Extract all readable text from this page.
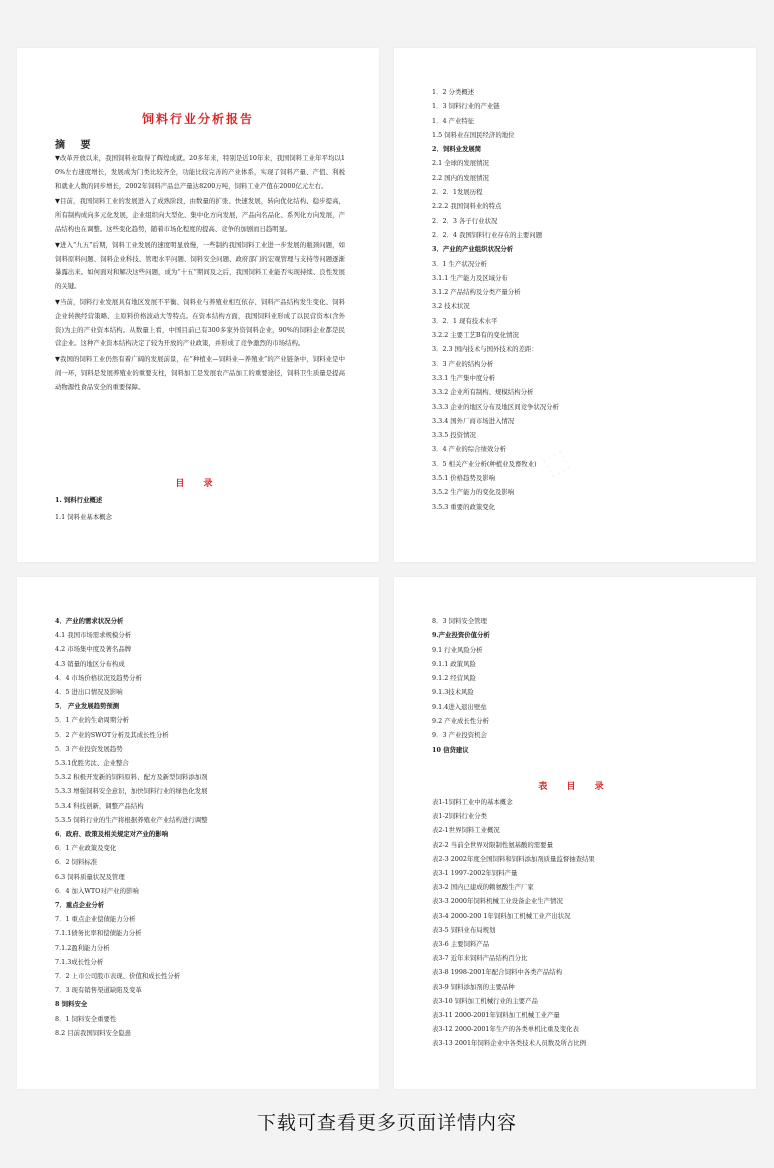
饲料行业分析报告
摘 要

▼改革开放以来，我国饲料业取得了辉煌成就。20多年来，特别是近10年来，我国饲料工业年平均以10%左右速度增长，发展成为门类比较齐全，功能比较完善的产业体系，实现了饲料产量、产值、利税和就业人数的同步增长，2002年饲料产品总产量达8200万吨，饲料工业产值在2000亿元左右。

▼目前，我国饲料工业的发展进入了成熟阶段，由数量的扩张、快速发展，转向优化结构、稳步提高，所有制构成向多元化发展，企业组织向大型化、集中化方向发展，产品向名品化、系列化方向发展，产品结构也在调整。这些变化趋势，随着市场化程度的提高、竞争的加剧而日趋明显。

▼进入“九五”后期，饲料工业发展的速度明显放慢，一些制约我国饲料工业进一步发展的瓶颈问题，如饲料原料问题、饲料企业科技、管理水平问题、饲料安全问题、政府部门的宏观管理与支持等问题逐渐暴露出来。如何面对和解决这些问题，成为“十五”期间及之后，我国饲料工业能否实现持续、良性发展的关键。

▼当前，饲料行业发展具有地区发展不平衡、饲料业与养殖业相互依存、饲料产品结构发生变化、饲料企业转换经营策略、主原料价格波动大等特点。在资本结构方面，我国饲料业形成了以民营资本(含外资)为主的产业资本结构。从数量上看，中国目前已有300多家外资饲料企业，90%的饲料企业都是民营企业。这种产业资本结构决定了较为开放的产业政策，并形成了竞争激烈的市场结构。

▼我国的饲料工业仍然有着广阔的发展前景，在“种植业—饲料业—养殖业”的产业链条中，饲料业是中间一环，饲料是发展养殖业的重要支柱，饲料加工是发展农产品加工的重要途径，饲料卫生质量是提高动物源性食品安全的重要保障。

目 录
1. 饲料行业概述
1.1 饲料业基本概念
1．2 分类概述
1．3 饲料行业的产业链
1．4 产业特征
1.5 饲料业在国民经济的地位
2．饲料业发展简
2.1 全球的发展情况
2.2 国内的发展情况
2．2．1发展历程
2.2.2 我国饲料业的特点
2．2．3 各子行业状况
2．2．4 我国饲料行业存在的主要问题
3．产业的产业组织状况分析
3．1 生产状况分析
3.1.1 生产能力及区域分布
3.1.2 产品结构及分类产量分析
3.2 技术状况
3．2．1 现有技术水平
3.2.2 主要工艺B有的变化情况
3．2.3 国内技术与国外技术的差距：
3．3 产业的结构分析
3.3.1 生产集中度分析
3.3.2 企业所有制构、规模结构分析
3.3.3 企业的地区分布及地区间竞争状况分析
3.3.4 国外厂商市场进入情况
3.3.5 投资情况
3．4 产业的综合绩效分析
3．5 相关产业分析(种植业及畜牧业)
3.5.1 价格趋势及影响
3.5.2 生产能力的变化及影响
3.5.3 重要的政策变化
4．产业的需求状况分析
4.1 我国市场需求规模分析
4.2 市场集中度及著名品牌
4.3 销量的地区分布构成
4．4 市场价格状况及趋势分析
4．5 进出口情况及影响
5． 产业发展趋势预测
5．1 产业的生命周期分析
5．2 产业的SWOT分析及其成长性分析
5．3 产业投资发展趋势
5.3.1优胜劣汰、企业整合
5.3.2 积极开发新的饲料原料、配方及新型饲料添加剂
5.3.3 增强饲料安全意识，加快饲料行业的绿色化发展
5.3.4 科技创新，调整产品结构
5.3.5 饲料行业的生产将根据养殖业产业结构进行调整
6．政府、政策及相关规定对产业的影响
6．1 产业政策及变化
6．2 饲料标准
6.3 饲料质量状况及管理
6．4 加入WTO对产业的影响
7．重点企业分析
7．1 重点企业偿债能力分析
7.1.1债务比率和偿债能力分析
7.1.2盈利能力分析
7.1.3成长性分析
7．2 上市公司股市表现、价值和成长性分析
7．3 现有销售渠道缺陷及变革
8 饲料安全
8．1 饲料安全重要性
8.2 目前我国饲料安全隐患
8．3 饲料安全管理
9.产业投资价值分析
9.1 行业风险分析
9.1.1 政策风险
9.1.2 经营风险
9.1.3技术风险
9.1.4进入退出壁垒
9.2 产业成长性分析
9．3 产业投资机会
10 信贷建议
表 目 录
表1-1饲料工业中的基本概念
表1-2饲料行业分类
表2-1世界饲料工业概况
表2-2 当前全世界对限制性氨基酸的需要量
表2-3 2002年度全国饲料和饲料添加剂质量监督抽查结果
表3-1 1997-2002年饲料产量
表3-2 国内已建成的赖氨酸生产厂家
表3-3 2000年饲料机械工业设备企业生产情况
表3-4 2000-200 1年饲料加工机械工业产出状况
表3-5 饲料业布局规划
表3-6 主要饲料产品
表3-7 近年来饲料产品结构百分比
表3-8 1998-2001年配合饲料中各类产品结构
表3-9 饲料添加剂的主要品种
表3-10 饲料加工机械行业的主要产品
表3-11 2000-2001年饲料加工机械工业产量
表3-12 2000-2001年生产的各类单机比重及变化表
表3-13 2001年饲料企业中各类技术人员数及所占比例
下载可查看更多页面详情内容
